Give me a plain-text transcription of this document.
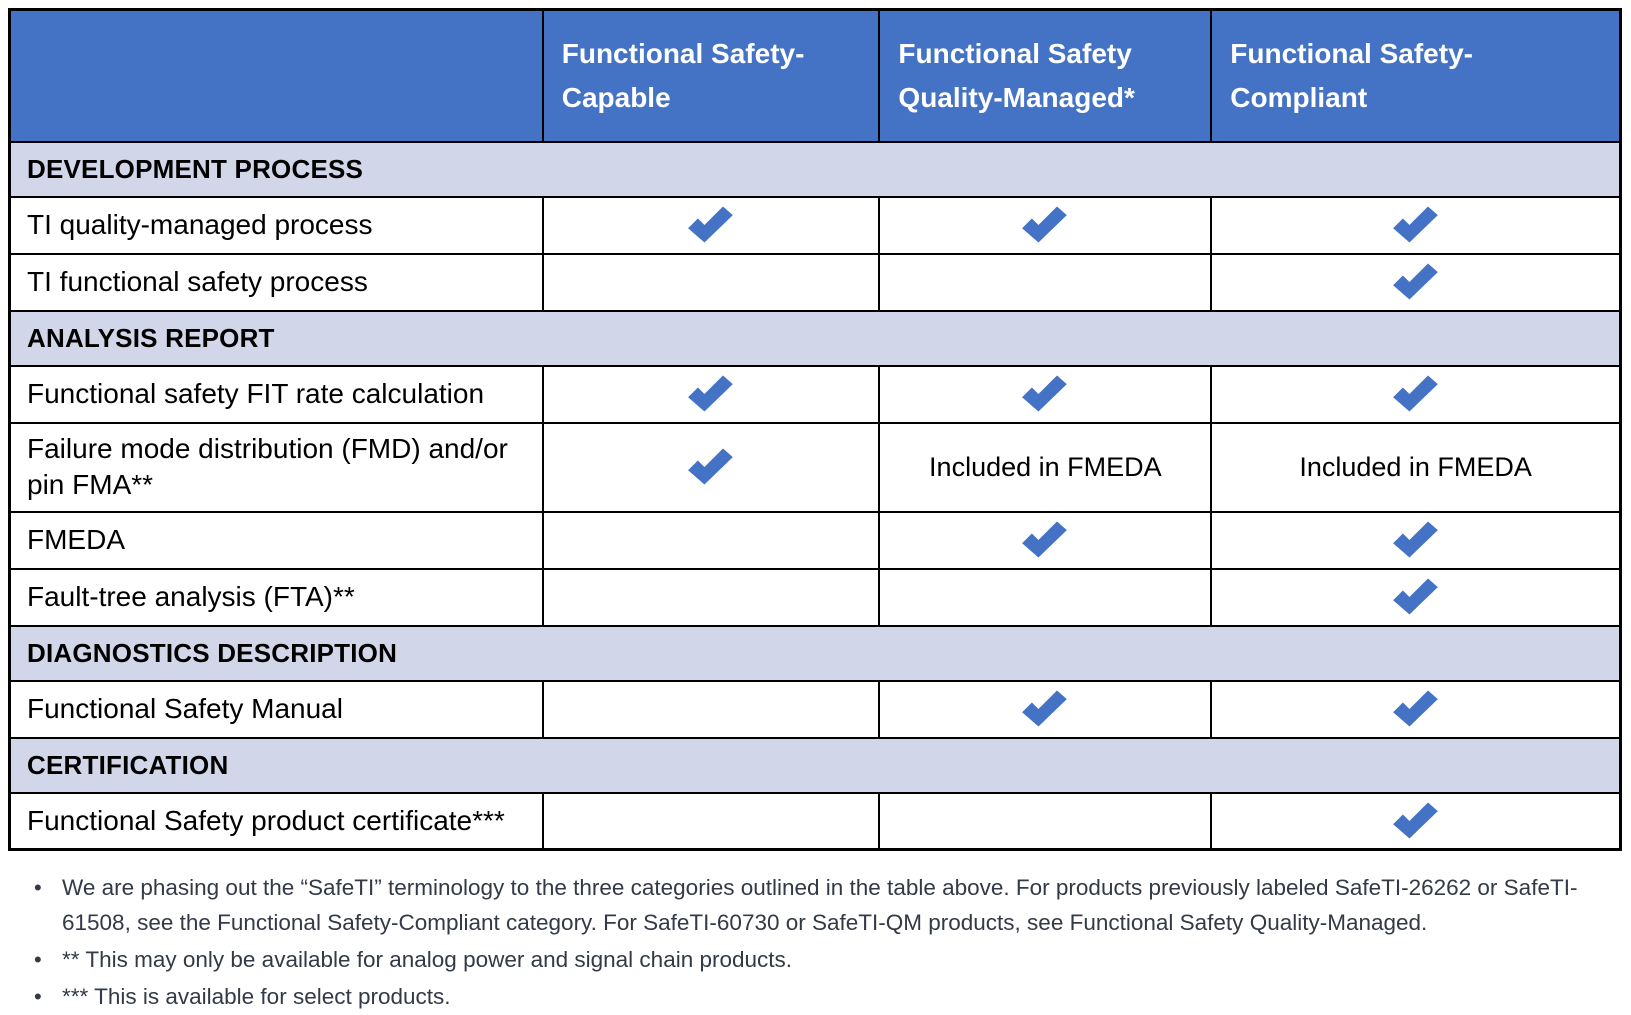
	Functional Safety-Capable	Functional Safety Quality-Managed*	Functional Safety-Compliant
DEVELOPMENT PROCESS			
TI quality-managed process			
TI functional safety process			
ANALYSIS REPORT			
Functional safety FIT rate calculation			
Failure mode distribution (FMD) and/or pin FMA**		Included in FMEDA	Included in FMEDA
FMEDA			
Fault-tree analysis (FTA)**			
DIAGNOSTICS DESCRIPTION			
Functional Safety Manual			
CERTIFICATION			
Functional Safety product certificate***			
• We are phasing out the “SafeTI” terminology to the three categories outlined in the table above. For products previously labeled SafeTI-26262 or SafeTI-61508, see the Functional Safety-Compliant category. For SafeTI-60730 or SafeTI-QM products, see Functional Safety Quality-Managed.
• ** This may only be available for analog power and signal chain products.
• *** This is available for select products.
